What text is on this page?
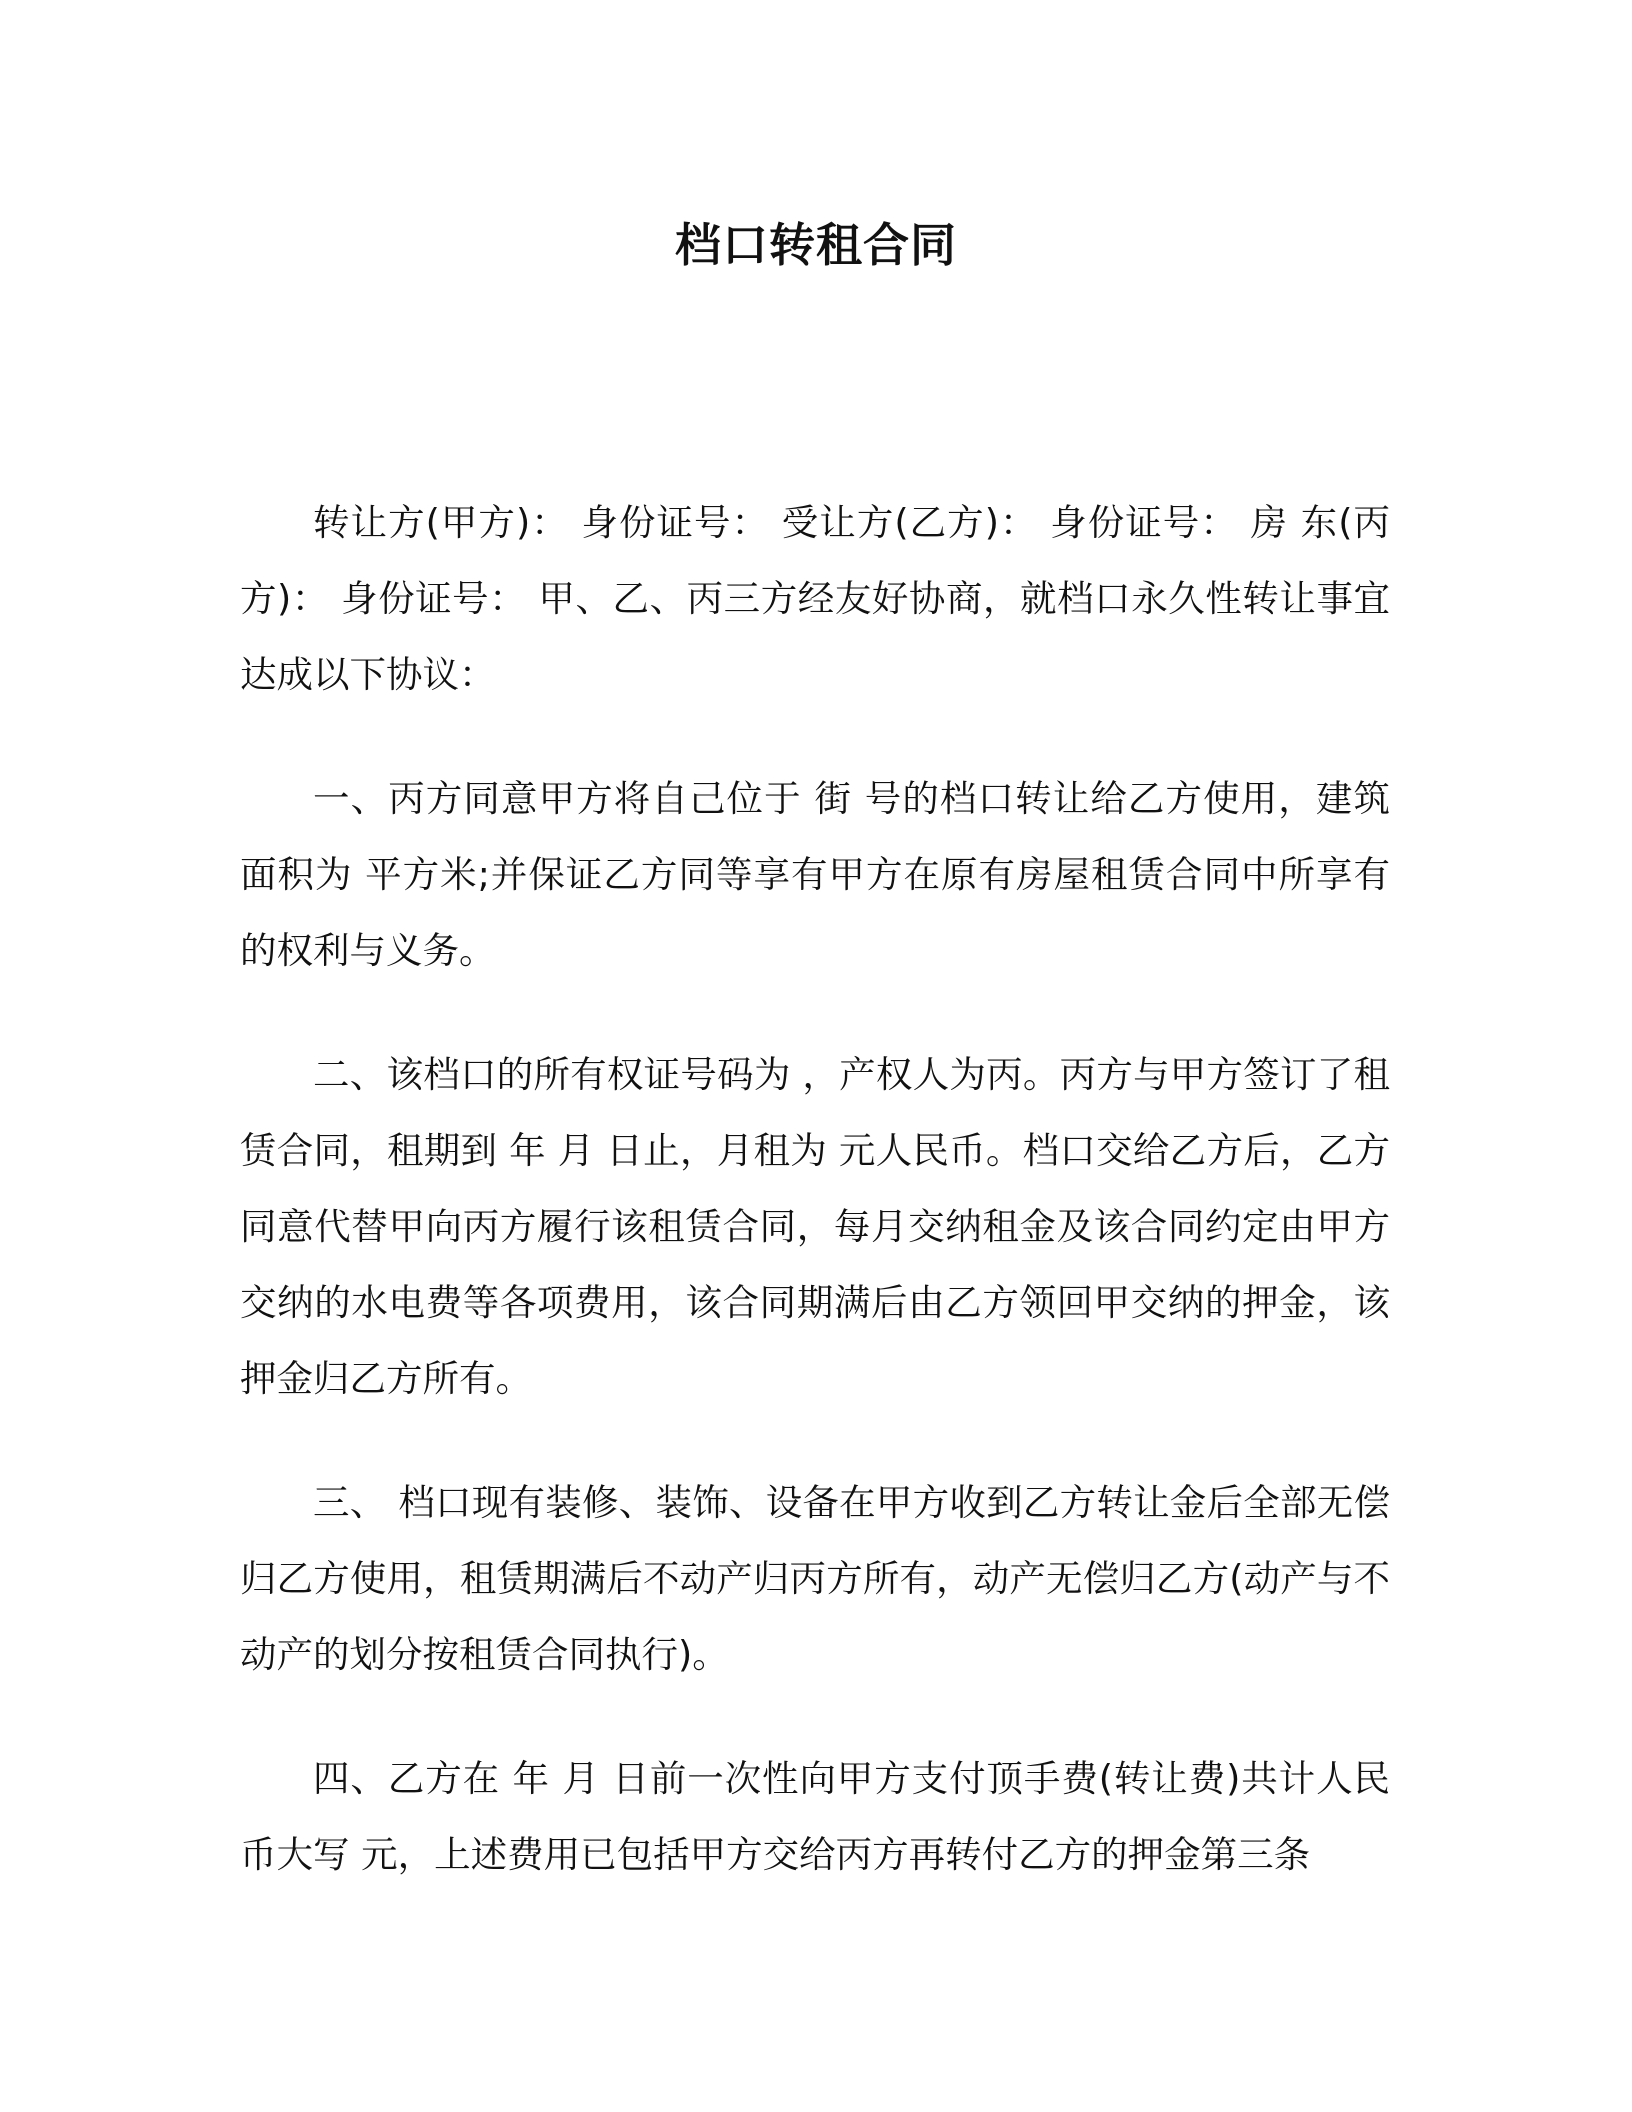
档口转租合同

转让方(甲方)： 身份证号： 受让方(乙方)： 身份证号： 房 东(丙方)： 身份证号： 甲、乙、丙三方经友好协商，就档口永久性转让事宜达成以下协议：

一、丙方同意甲方将自己位于 街 号的档口转让给乙方使用，建筑面积为 平方米;并保证乙方同等享有甲方在原有房屋租赁合同中所享有的权利与义务。

二、该档口的所有权证号码为 ，产权人为丙。丙方与甲方签订了租赁合同，租期到 年 月 日止，月租为 元人民币。档口交给乙方后，乙方同意代替甲向丙方履行该租赁合同，每月交纳租金及该合同约定由甲方交纳的水电费等各项费用，该合同期满后由乙方领回甲交纳的押金，该押金归乙方所有。

三、 档口现有装修、装饰、设备在甲方收到乙方转让金后全部无偿归乙方使用，租赁期满后不动产归丙方所有，动产无偿归乙方(动产与不动产的划分按租赁合同执行)。

四、乙方在 年 月 日前一次性向甲方支付顶手费(转让费)共计人民币大写 元，上述费用已包括甲方交给丙方再转付乙方的押金第三条
